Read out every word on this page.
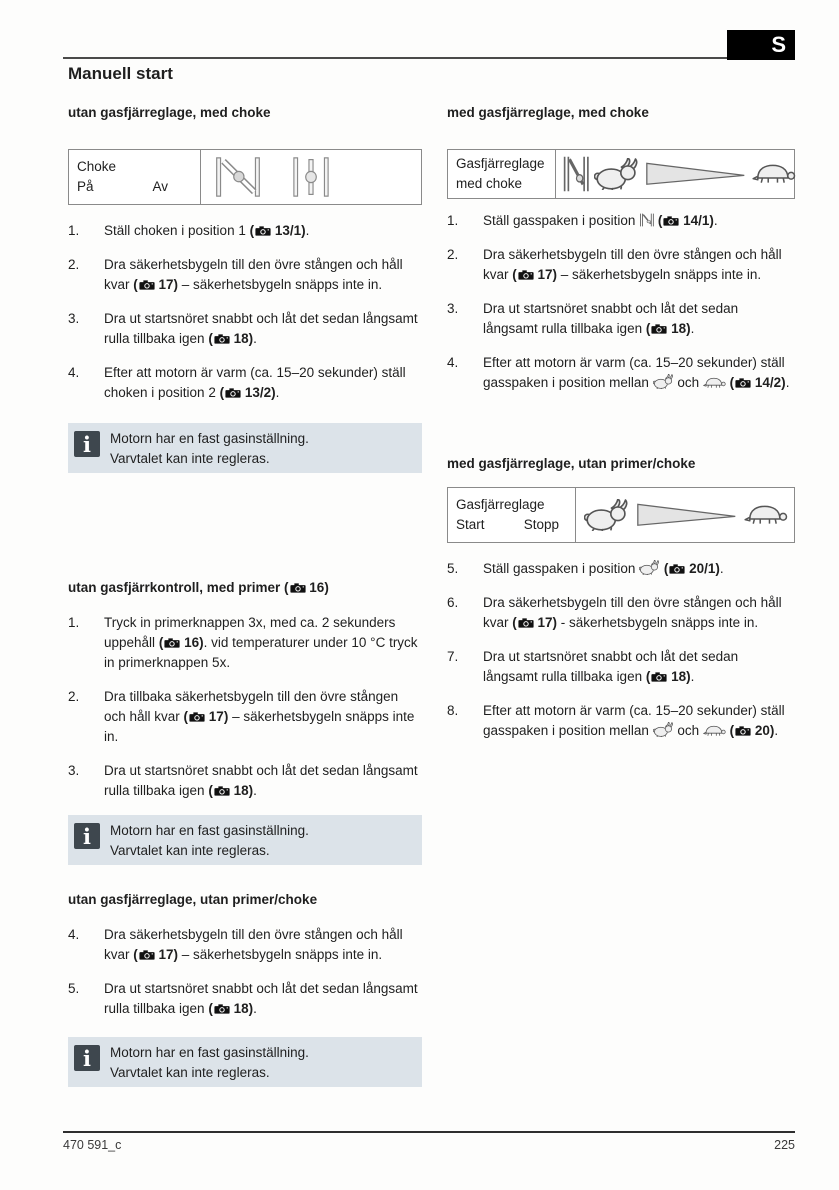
S
Manuell start
utan gasfjärreglage, med choke
Choke
På	Av
1.	Ställ choken i position 1 ( 13/1).
2.	Dra säkerhetsbygeln till den övre stången och håll kvar ( 17) – säkerhetsbygeln snäpps inte in.
3.	Dra ut startsnöret snabbt och låt det sedan långsamt rulla tillbaka igen ( 18).
4.	Efter att motorn är varm (ca. 15–20 sekunder) ställ choken i position 2 ( 13/2).
i	Motorn har en fast gasinställning.
Varvtalet kan inte regleras.
utan gasfjärrkontroll, med primer ( 16)
1.	Tryck in primerknappen 3x, med ca. 2 sekunders uppehåll ( 16). vid temperaturer under 10 °C tryck in primerknappen 5x.
2.	Dra tillbaka säkerhetsbygeln till den övre stången och håll kvar ( 17) – säkerhetsbygeln snäpps inte in.
3.	Dra ut startsnöret snabbt och låt det sedan långsamt rulla tillbaka igen ( 18).
i	Motorn har en fast gasinställning.
Varvtalet kan inte regleras.
utan gasfjärreglage, utan primer/choke
4.	Dra säkerhetsbygeln till den övre stången och håll kvar ( 17) – säkerhetsbygeln snäpps inte in.
5.	Dra ut startsnöret snabbt och låt det sedan långsamt rulla tillbaka igen ( 18).
i	Motorn har en fast gasinställning.
Varvtalet kan inte regleras.
med gasfjärreglage, med choke
Gasfjärreglage
med choke
1.	Ställ gasspaken i position  ( 14/1).
2.	Dra säkerhetsbygeln till den övre stången och håll kvar ( 17) – säkerhetsbygeln snäpps inte in.
3.	Dra ut startsnöret snabbt och låt det sedan långsamt rulla tillbaka igen ( 18).
4.	Efter att motorn är varm (ca. 15–20 sekunder) ställ gasspaken i position mellan  och  ( 14/2).
med gasfjärreglage, utan primer/choke
Gasfjärreglage
Start	Stopp
5.	Ställ gasspaken i position  ( 20/1).
6.	Dra säkerhetsbygeln till den övre stången och håll kvar ( 17) - säkerhetsbygeln snäpps inte in.
7.	Dra ut startsnöret snabbt och låt det sedan långsamt rulla tillbaka igen ( 18).
8.	Efter att motorn är varm (ca. 15–20 sekunder) ställ gasspaken i position mellan  och  ( 20).
470 591_c	225
